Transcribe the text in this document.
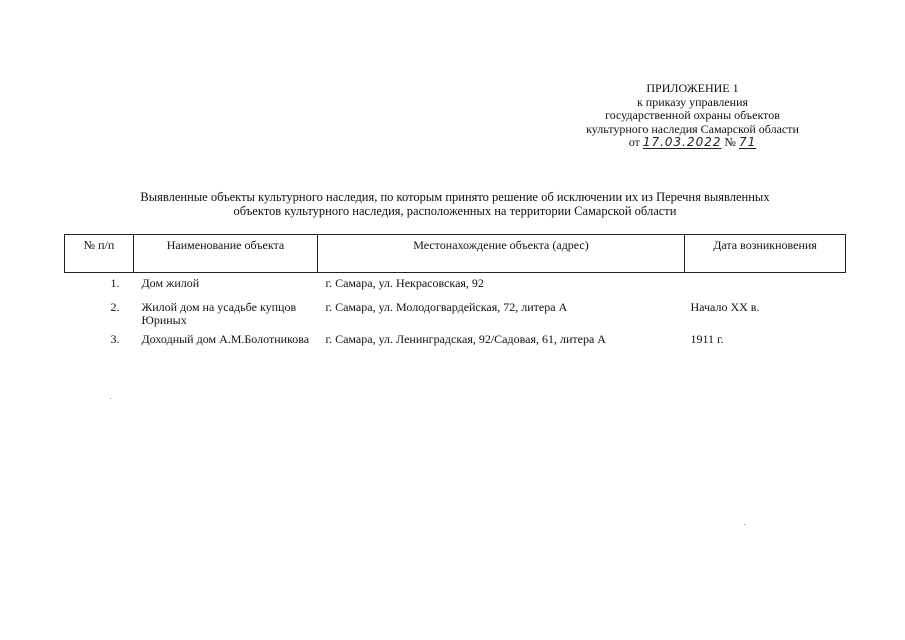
ПРИЛОЖЕНИЕ 1
к приказу управления
государственной охраны объектов
культурного наследия Самарской области
от 17.03.2022 № 71
Выявленные объекты культурного наследия, по которым принято решение об исключении их из Перечня выявленных
объектов культурного наследия, расположенных на территории Самарской области
№ п/п	Наименование объекта	Местонахождение объекта (адрес)	Дата возникновения
1.	Дом жилой	г. Самара, ул. Некрасовская, 92	
2.	Жилой дом на усадьбе купцов Юриных	г. Самара, ул. Молодогвардейская, 72, литера А	Начало XX в.
3.	Доходный дом А.М.Болотникова	г. Самара, ул. Ленинградская, 92/Садовая, 61, литера А	1911 г.
